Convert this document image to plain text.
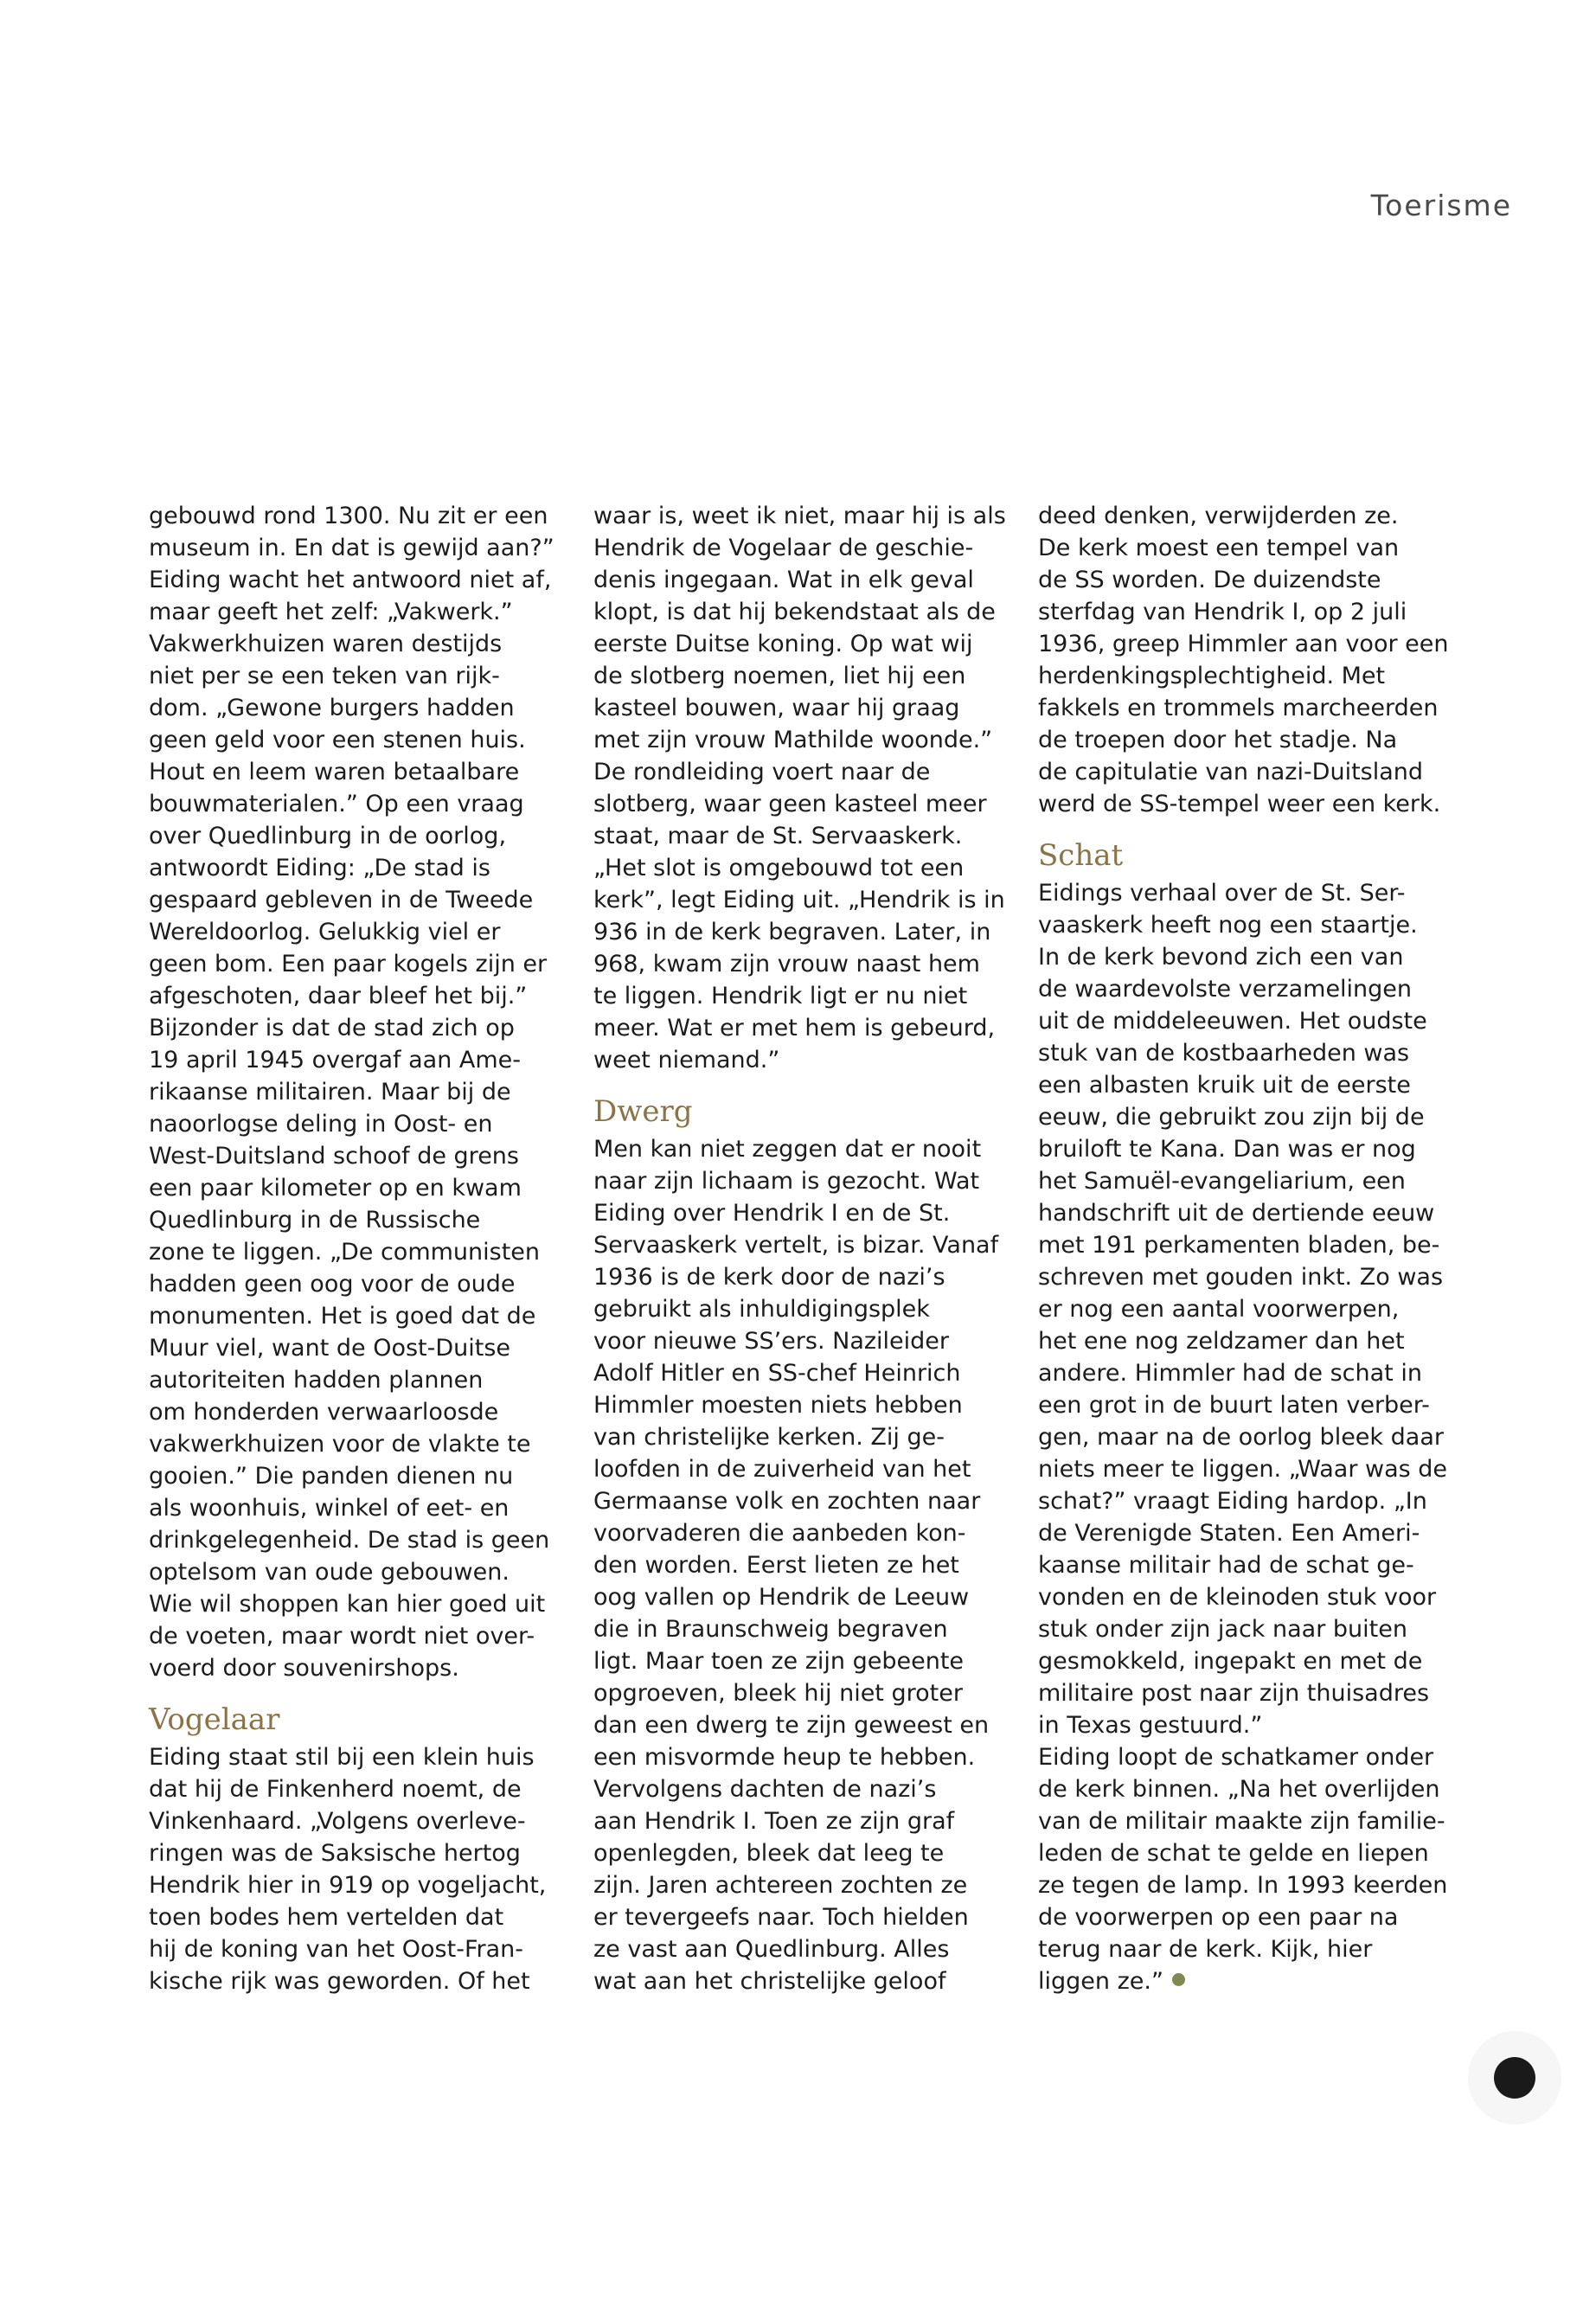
Toerisme

gebouwd rond 1300. Nu zit er een
museum in. En dat is gewijd aan?”
Eiding wacht het antwoord niet af,
maar geeft het zelf: „Vakwerk.”
Vakwerkhuizen waren destijds
niet per se een teken van rijk-
dom. „Gewone burgers hadden
geen geld voor een stenen huis.
Hout en leem waren betaalbare
bouwmaterialen.” Op een vraag
over Quedlinburg in de oorlog,
antwoordt Eiding: „De stad is
gespaard gebleven in de Tweede
Wereldoorlog. Gelukkig viel er
geen bom. Een paar kogels zijn er
afgeschoten, daar bleef het bij.”
Bijzonder is dat de stad zich op
19 april 1945 overgaf aan Ame-
rikaanse militairen. Maar bij de
naoorlogse deling in Oost- en
West-Duitsland schoof de grens
een paar kilometer op en kwam
Quedlinburg in de Russische
zone te liggen. „De communisten
hadden geen oog voor de oude
monumenten. Het is goed dat de
Muur viel, want de Oost-Duitse
autoriteiten hadden plannen
om honderden verwaarloosde
vakwerkhuizen voor de vlakte te
gooien.” Die panden dienen nu
als woonhuis, winkel of eet- en
drinkgelegenheid. De stad is geen
optelsom van oude gebouwen.
Wie wil shoppen kan hier goed uit
de voeten, maar wordt niet over-
voerd door souvenirshops.

Vogelaar

Eiding staat stil bij een klein huis
dat hij de Finkenherd noemt, de
Vinkenhaard. „Volgens overleve-
ringen was de Saksische hertog
Hendrik hier in 919 op vogeljacht,
toen bodes hem vertelden dat
hij de koning van het Oost-Fran-
kische rijk was geworden. Of het

waar is, weet ik niet, maar hij is als
Hendrik de Vogelaar de geschie-
denis ingegaan. Wat in elk geval
klopt, is dat hij bekendstaat als de
eerste Duitse koning. Op wat wij
de slotberg noemen, liet hij een
kasteel bouwen, waar hij graag
met zijn vrouw Mathilde woonde.”
De rondleiding voert naar de
slotberg, waar geen kasteel meer
staat, maar de St. Servaaskerk.
„Het slot is omgebouwd tot een
kerk”, legt Eiding uit. „Hendrik is in
936 in de kerk begraven. Later, in
968, kwam zijn vrouw naast hem
te liggen. Hendrik ligt er nu niet
meer. Wat er met hem is gebeurd,
weet niemand.”

Dwerg

Men kan niet zeggen dat er nooit
naar zijn lichaam is gezocht. Wat
Eiding over Hendrik I en de St.
Servaaskerk vertelt, is bizar. Vanaf
1936 is de kerk door de nazi’s
gebruikt als inhuldigingsplek
voor nieuwe SS’ers. Nazileider
Adolf Hitler en SS-chef Heinrich
Himmler moesten niets hebben
van christelijke kerken. Zij ge-
loofden in de zuiverheid van het
Germaanse volk en zochten naar
voorvaderen die aanbeden kon-
den worden. Eerst lieten ze het
oog vallen op Hendrik de Leeuw
die in Braunschweig begraven
ligt. Maar toen ze zijn gebeente
opgroeven, bleek hij niet groter
dan een dwerg te zijn geweest en
een misvormde heup te hebben.
Vervolgens dachten de nazi’s
aan Hendrik I. Toen ze zijn graf
openlegden, bleek dat leeg te
zijn. Jaren achtereen zochten ze
er tevergeefs naar. Toch hielden
ze vast aan Quedlinburg. Alles
wat aan het christelijke geloof

deed denken, verwijderden ze.
De kerk moest een tempel van
de SS worden. De duizendste
sterfdag van Hendrik I, op 2 juli
1936, greep Himmler aan voor een
herdenkingsplechtigheid. Met
fakkels en trommels marcheerden
de troepen door het stadje. Na
de capitulatie van nazi-Duitsland
werd de SS-tempel weer een kerk.

Schat

Eidings verhaal over de St. Ser-
vaaskerk heeft nog een staartje.
In de kerk bevond zich een van
de waardevolste verzamelingen
uit de middeleeuwen. Het oudste
stuk van de kostbaarheden was
een albasten kruik uit de eerste
eeuw, die gebruikt zou zijn bij de
bruiloft te Kana. Dan was er nog
het Samuël-evangeliarium, een
handschrift uit de dertiende eeuw
met 191 perkamenten bladen, be-
schreven met gouden inkt. Zo was
er nog een aantal voorwerpen,
het ene nog zeldzamer dan het
andere. Himmler had de schat in
een grot in de buurt laten verber-
gen, maar na de oorlog bleek daar
niets meer te liggen. „Waar was de
schat?” vraagt Eiding hardop. „In
de Verenigde Staten. Een Ameri-
kaanse militair had de schat ge-
vonden en de kleinoden stuk voor
stuk onder zijn jack naar buiten
gesmokkeld, ingepakt en met de
militaire post naar zijn thuisadres
in Texas gestuurd.”
Eiding loopt de schatkamer onder
de kerk binnen. „Na het overlijden
van de militair maakte zijn familie-
leden de schat te gelde en liepen
ze tegen de lamp. In 1993 keerden
de voorwerpen op een paar na
terug naar de kerk. Kijk, hier
liggen ze.”
